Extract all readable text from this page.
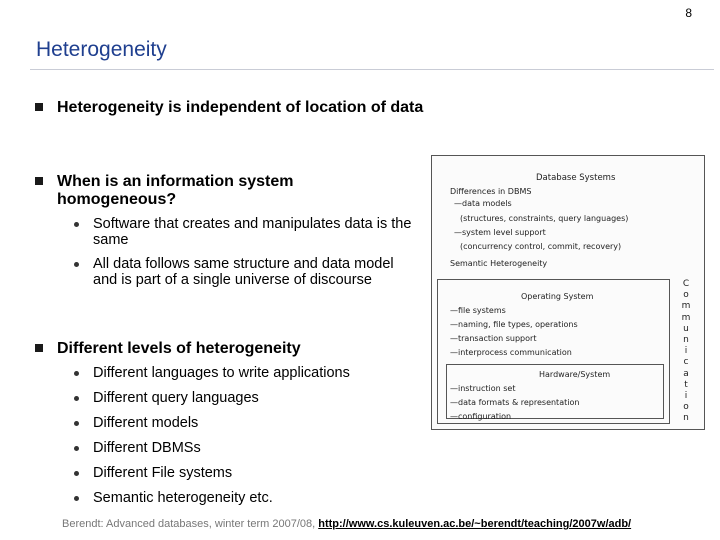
8
Heterogeneity
Heterogeneity is independent of location of data
When is an information system homogeneous?
Software that creates and manipulates data is the same
All data follows same structure and data model and is part of a single universe of discourse
Different levels of heterogeneity
Different languages to write applications
Different query languages
Different models
Different DBMSs
Different File systems
Semantic heterogeneity etc.
Database Systems
Differences in DBMS
—data models
(structures, constraints, query languages)
—system level support
(concurrency control, commit, recovery)
Semantic Heterogeneity
Operating System
—file systems
—naming, file types, operations
—transaction support
—interprocess communication
Hardware/System
—instruction set
—data formats & representation
—configuration
C
o
m
m
u
n
i
c
a
t
i
o
n
Berendt: Advanced databases, winter term 2007/08, http://www.cs.kuleuven.ac.be/~berendt/teaching/2007w/adb/
